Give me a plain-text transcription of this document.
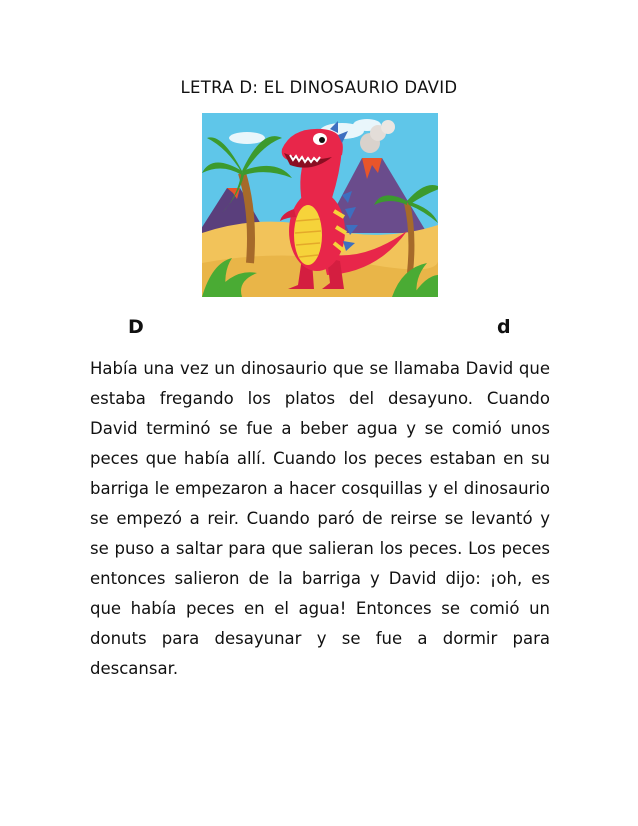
LETRA D: EL DINOSAURIO DAVID
D	d

Había una vez un dinosaurio que se llamaba David que estaba fregando los platos del desayuno. Cuando David terminó se fue a beber agua y se comió unos peces que había allí. Cuando los peces estaban en su barriga le empezaron a hacer cosquillas y el dinosaurio se empezó a reir. Cuando paró de reirse se levantó y se puso a saltar para que salieran los peces. Los peces entonces salieron de la barriga y David dijo: ¡oh, es que había peces en el agua! Entonces se comió un donuts para desayunar y se fue a dormir para descansar.
